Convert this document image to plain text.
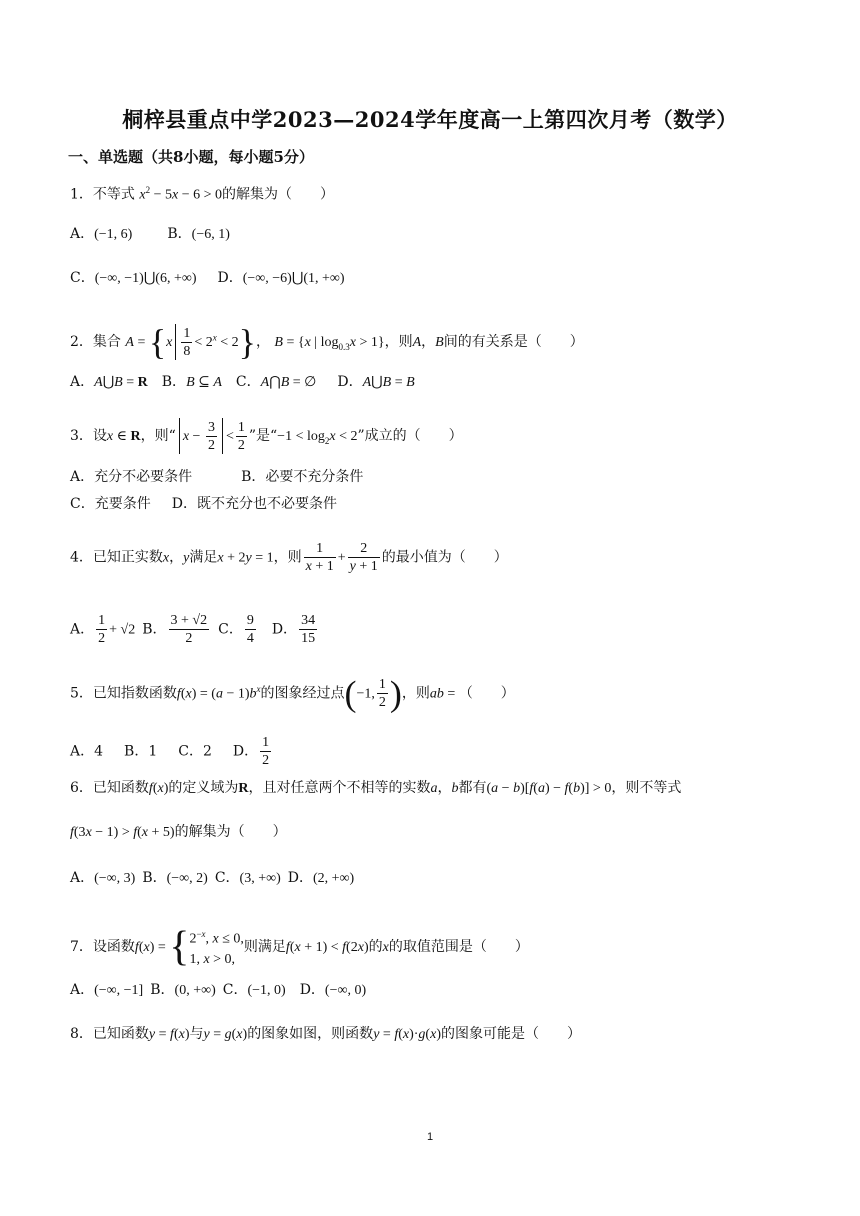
桐梓县重点中学2023—2024学年度高一上第四次月考（数学）
一、单选题（共8小题，每小题5分）
1．不等式 $x^2 - 5x - 6 > 0$的解集为（　　）
A．(−1, 6)   B．(−6, 1)
C．(−∞, −1)⋃(6, +∞)  D．(−∞, −6)⋃(1, +∞)
2．集合 $A = \{x \frac{1}{8} < 2^x < 2\}$， B = {x | $\log_{0.3}x > 1$}，则A，B间的有关系是（　　）
A．A⋃B = R  B．B ⊆ A  C．A⋂B = ∅   D．A⋃B = B
3．设x ∈ R，则“ $x - \frac{3}{2} < \frac{1}{2}$ ”是“$-1 < \log_2x < 2$”成立的（　　）
A．充分不必要条件    	B．必要不充分条件
C．充要条件   D．既不充分也不必要条件
4．已知正实数x，y满足x + 2y = 1，则 $\frac{1}{x + 1} + \frac{2}{y + 1}$ 的最小值为（　　）
A． $\frac{1}{2} + √2$ B． $\frac{3 + √2}{2}$  C． $\frac{9}{4}$   D． $\frac{34}{15}$
5．已知指数函数$f(x) = (a - 1)b^x$的图象经过点(−1, $\frac{1}{2}$ )，则ab = （　　）
A．4   B．1   C．2   D． $\frac{1}{2}$
6．已知函数f(x)的定义域为R，且对任意两个不相等的实数a，b都有(a − b)[f(a) − f(b)] > 0，则不等式
f(3x − 1) > f(x + 5)的解集为（　　）
A．(−∞, 3) B．(−∞, 2) C．(3, +∞) D．(2, +∞)
7．设函数f(x) = { $2^{-x}$, x ≤ 0,
1, x > 0,
则满足f(x + 1) < f(2x)的x的取值范围是（　　）
A．(−∞, −1] B．(0, +∞) C．(−1, 0)  D．(−∞, 0)
8．已知函数y = f(x)与y = g(x)的图象如图，则函数y = f(x)·g(x)的图象可能是（　　）
1
